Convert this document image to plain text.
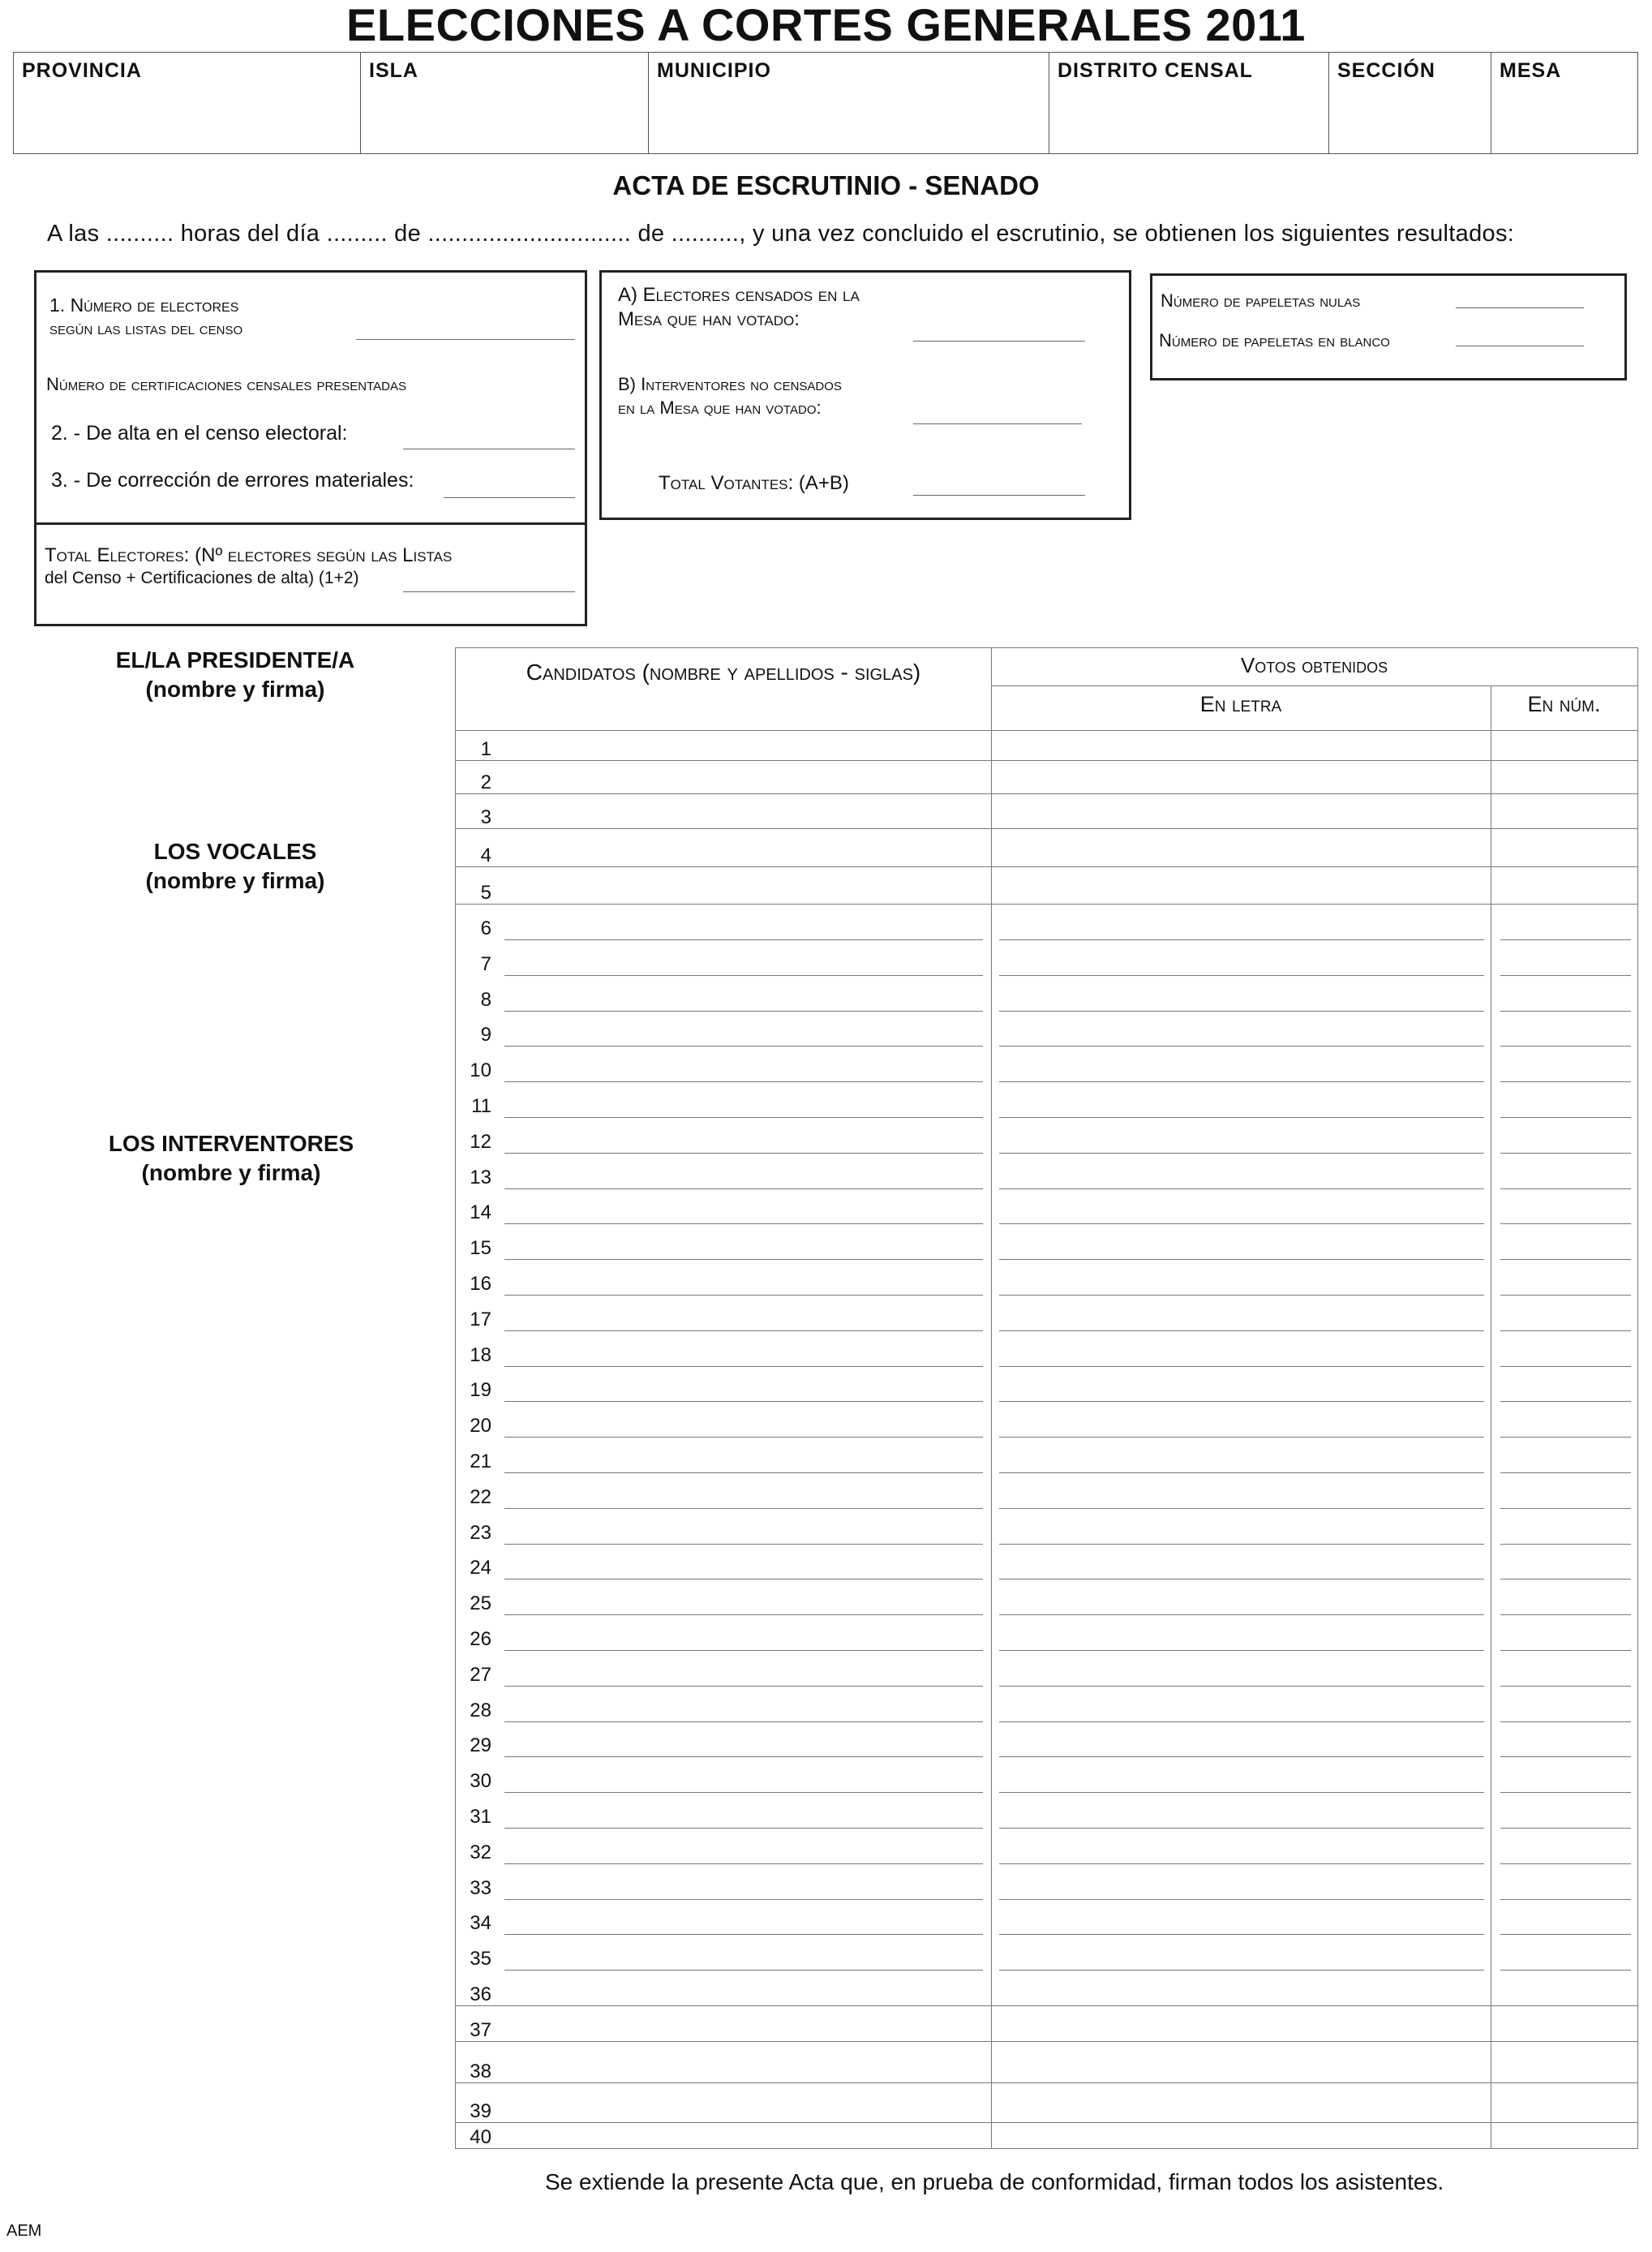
ELECCIONES A CORTES GENERALES 2011
PROVINCIA	ISLA	MUNICIPIO	DISTRITO CENSAL	SECCIÓN	MESA
ACTA DE ESCRUTINIO - SENADO
A las .......... horas del día ......... de .............................. de .........., y una vez concluido el escrutinio, se obtienen los siguientes resultados:
1. Número de electores
según las listas del censo
Número de certificaciones censales presentadas
2. - De alta en el censo electoral:
3. - De corrección de errores materiales:
Total Electores: (Nº electores según las Listas
del Censo + Certificaciones de alta) (1+2)
A) Electores censados en la
Mesa que han votado:
B) Interventores no censados
en la Mesa que han votado:
Total Votantes: (A+B)
Número de papeletas nulas
Número de papeletas en blanco
EL/LA PRESIDENTE/A
(nombre y firma)
LOS VOCALES
(nombre y firma)
LOS INTERVENTORES
(nombre y firma)
Candidatos (nombre y apellidos - siglas)	Votos obtenidos
En letra	En núm.
1
2
3
4
5
6
7
8
9
10
11
12
13
14
15
16
17
18
19
20
21
22
23
24
25
26
27
28
29
30
31
32
33
34
35
36
37
38
39
40
Se extiende la presente Acta que, en prueba de conformidad, firman todos los asistentes.
AEM
